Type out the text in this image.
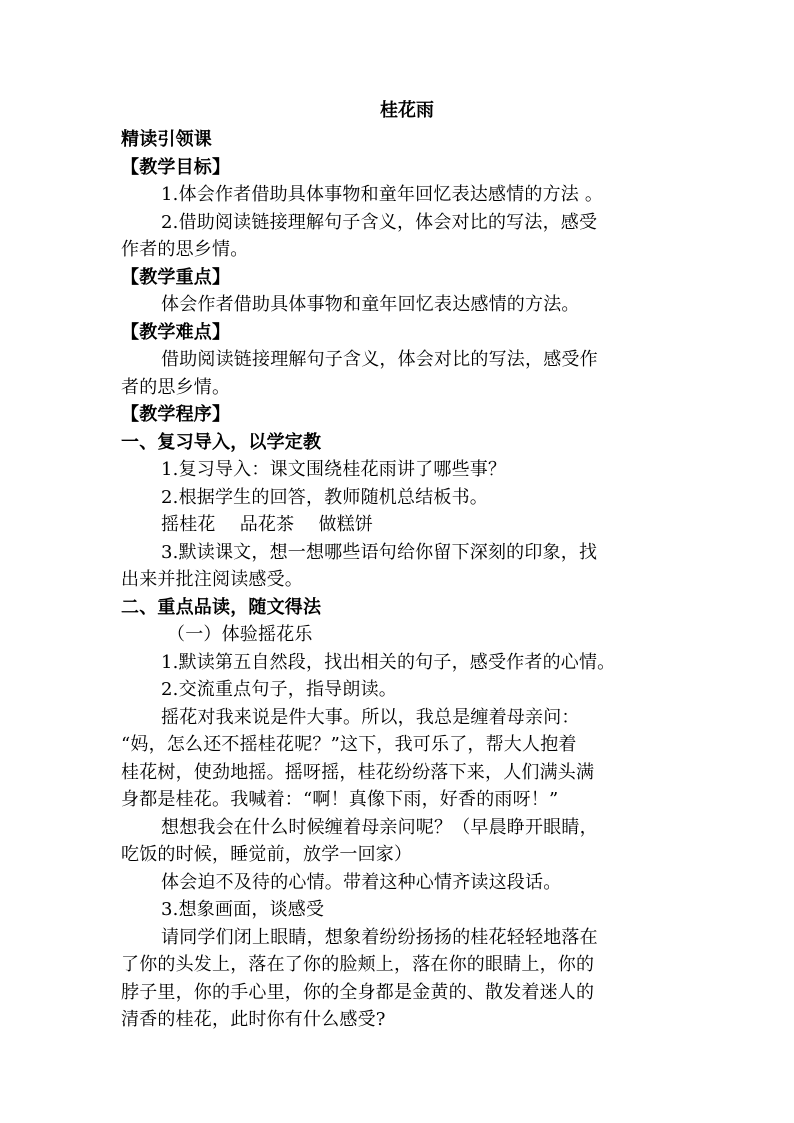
桂花雨
精读引领课
【教学目标】
1.体会作者借助具体事物和童年回忆表达感情的方法 。
2.借助阅读链接理解句子含义，体会对比的写法，感受
作者的思乡情。
【教学重点】
体会作者借助具体事物和童年回忆表达感情的方法。
【教学难点】
借助阅读链接理解句子含义，体会对比的写法，感受作
者的思乡情。
【教学程序】
一、复习导入，以学定教
1.复习导入：课文围绕桂花雨讲了哪些事？
2.根据学生的回答，教师随机总结板书。
摇桂花　 品花茶　 做糕饼
3.默读课文，想一想哪些语句给你留下深刻的印象，找
出来并批注阅读感受。
二、重点品读，随文得法
（一）体验摇花乐
1.默读第五自然段，找出相关的句子，感受作者的心情。
2.交流重点句子，指导朗读。
摇花对我来说是件大事。所以，我总是缠着母亲问：
“妈，怎么还不摇桂花呢？”这下，我可乐了，帮大人抱着
桂花树，使劲地摇。摇呀摇，桂花纷纷落下来，人们满头满
身都是桂花。我喊着：“啊！真像下雨，好香的雨呀！”
想想我会在什么时候缠着母亲问呢？（早晨睁开眼睛，
吃饭的时候，睡觉前，放学一回家）
体会迫不及待的心情。带着这种心情齐读这段话。
3.想象画面，谈感受
请同学们闭上眼睛，想象着纷纷扬扬的桂花轻轻地落在
了你的头发上，落在了你的脸颊上，落在你的眼睛上，你的
脖子里，你的手心里，你的全身都是金黄的、散发着迷人的
清香的桂花，此时你有什么感受?
